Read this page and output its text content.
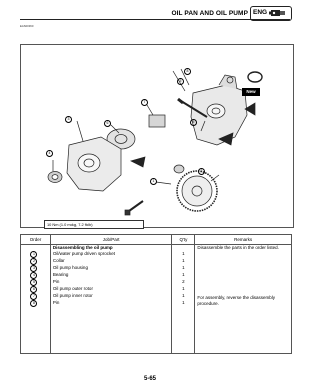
OIL PAN AND OIL PUMP ENG
EAS00360
New
8
5
7
5
3
6
4
1
2
10 Nm (1.0 m•kg, 7.2 ft•lb)
Order	Job/Part	Q'ty	Remarks
	Disassembling the oil pump		Disassemble the parts in the order listed.
For assembly, reverse the disassembly procedure.

1	Oil/water pump driven sprocket	1	
2	Collar	1	
3	Oil pump housing	1	
4	Bearing	1	
5	Pin	2	
6	Oil pump outer rotor	1	
7	Oil pump inner rotor	1	
8	Pin	1	

5-65
